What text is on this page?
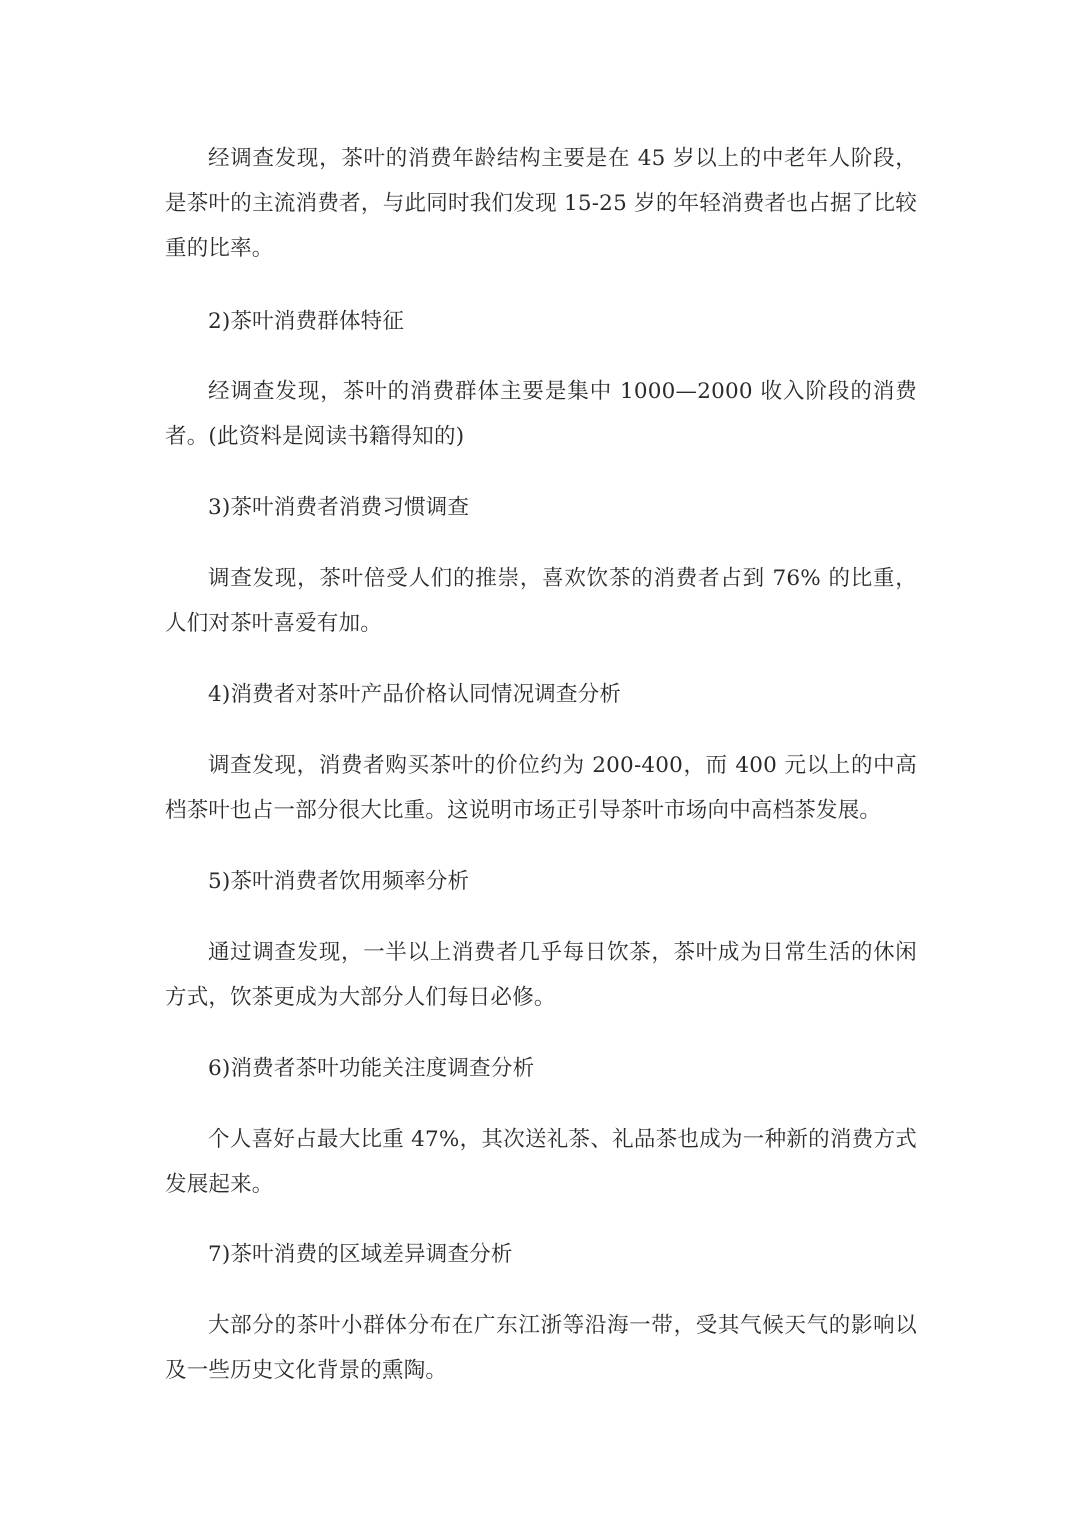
经调查发现，茶叶的消费年龄结构主要是在 45 岁以上的中老年人阶段，是茶叶的主流消费者，与此同时我们发现 15-25 岁的年轻消费者也占据了比较重的比率。

2)茶叶消费群体特征

经调查发现，茶叶的消费群体主要是集中 1000—2000 收入阶段的消费者。(此资料是阅读书籍得知的)

3)茶叶消费者消费习惯调查

调查发现，茶叶倍受人们的推崇，喜欢饮茶的消费者占到 76% 的比重，人们对茶叶喜爱有加。

4)消费者对茶叶产品价格认同情况调查分析

调查发现，消费者购买茶叶的价位约为 200-400，而 400 元以上的中高档茶叶也占一部分很大比重。这说明市场正引导茶叶市场向中高档茶发展。

5)茶叶消费者饮用频率分析

通过调查发现，一半以上消费者几乎每日饮茶，茶叶成为日常生活的休闲方式，饮茶更成为大部分人们每日必修。

6)消费者茶叶功能关注度调查分析

个人喜好占最大比重 47%，其次送礼茶、礼品茶也成为一种新的消费方式发展起来。

7)茶叶消费的区域差异调查分析

大部分的茶叶小群体分布在广东江浙等沿海一带，受其气候天气的影响以及一些历史文化背景的熏陶。
